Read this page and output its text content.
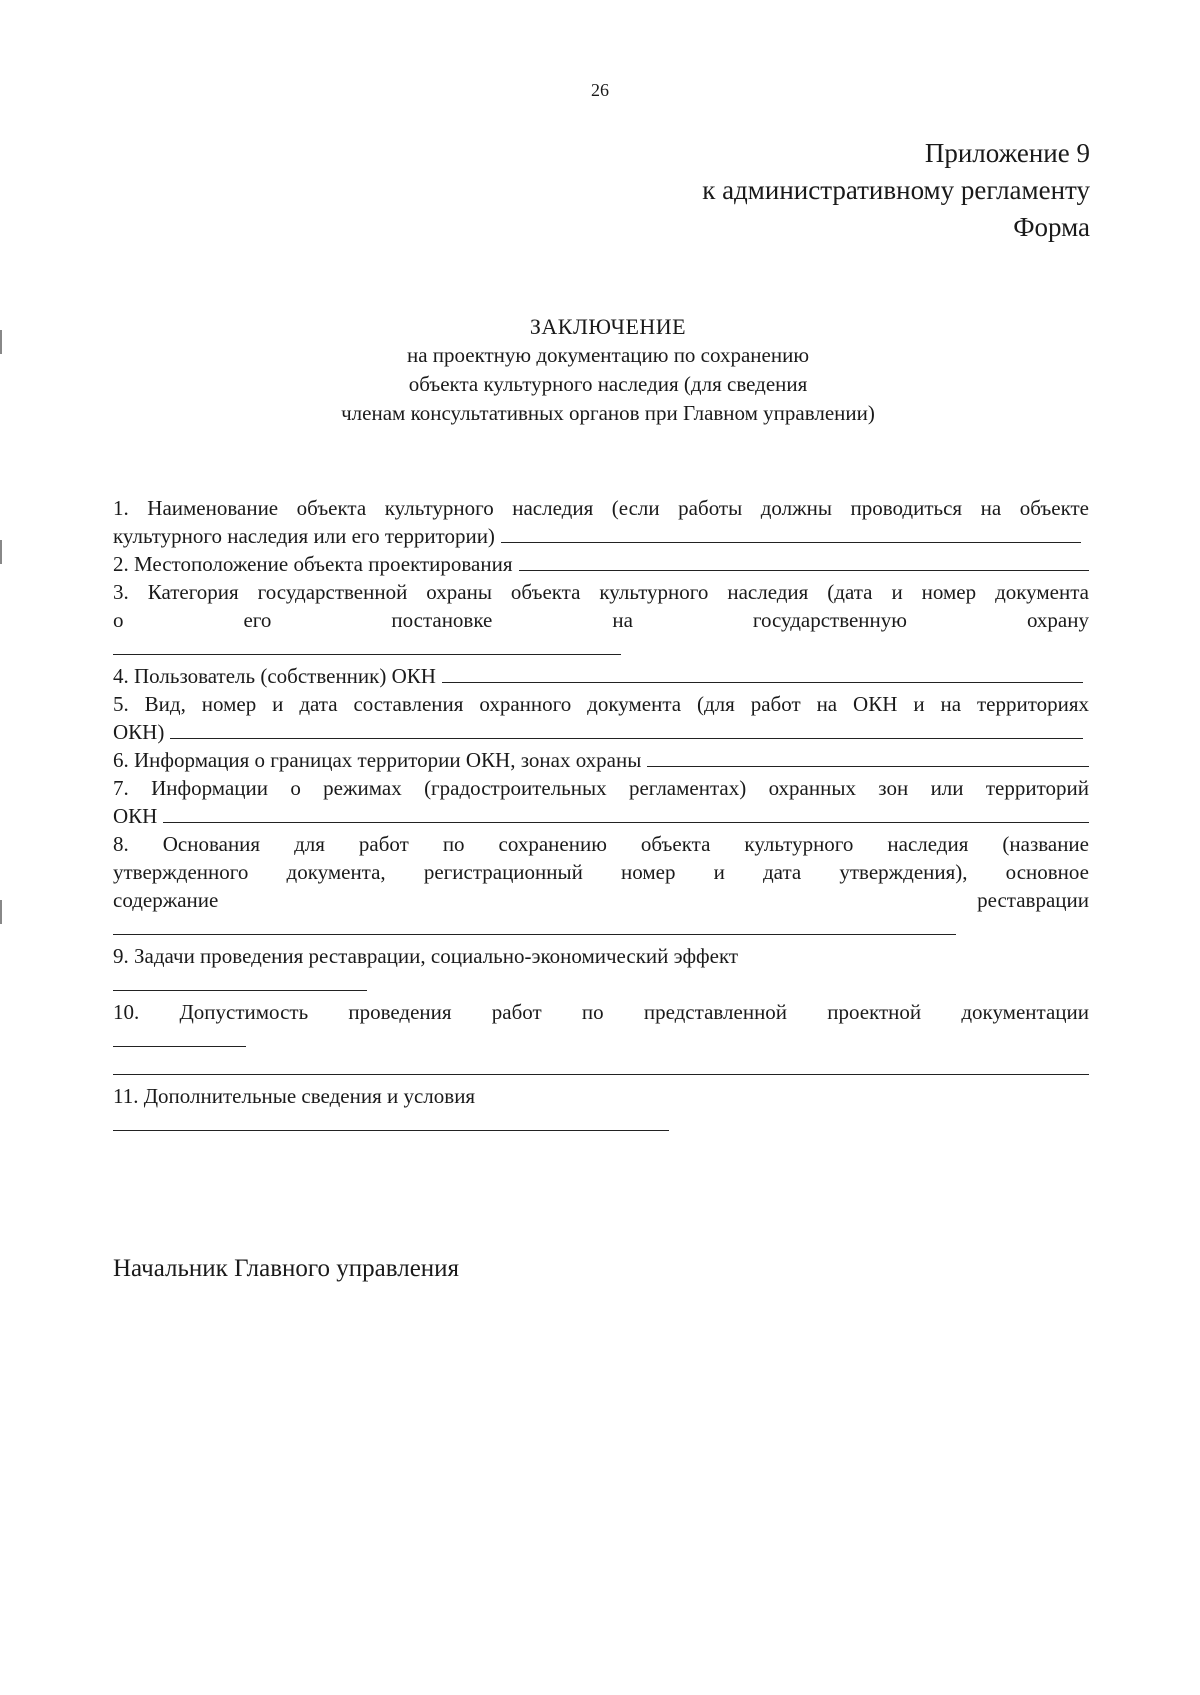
26
Приложение 9
к административному регламенту
Форма
ЗАКЛЮЧЕНИЕ
на проектную документацию по сохранению
объекта культурного наследия (для сведения
членам консультативных органов при Главном управлении)
1. Наименование объекта культурного наследия (если работы должны проводиться на объекте
культурного наследия или его территории)
2. Местоположение объекта проектирования
3. Категория государственной охраны объекта культурного наследия (дата и номер документа
о его постановке на государственную охрану
4. Пользователь (собственник) ОКН
5. Вид, номер и дата составления охранного документа (для работ на ОКН и на территориях
ОКН)
6. Информация о границах территории ОКН, зонах охраны
7. Информации о режимах (градостроительных регламентах) охранных зон или территорий
ОКН
8. Основания для работ по сохранению объекта культурного наследия (название
утвержденного документа, регистрационный номер и дата утверждения), основное
содержание реставрации
9. Задачи проведения реставрации, социально-экономический эффект
10. Допустимость проведения работ по представленной проектной документации
11. Дополнительные сведения и условия
Начальник Главного управления
